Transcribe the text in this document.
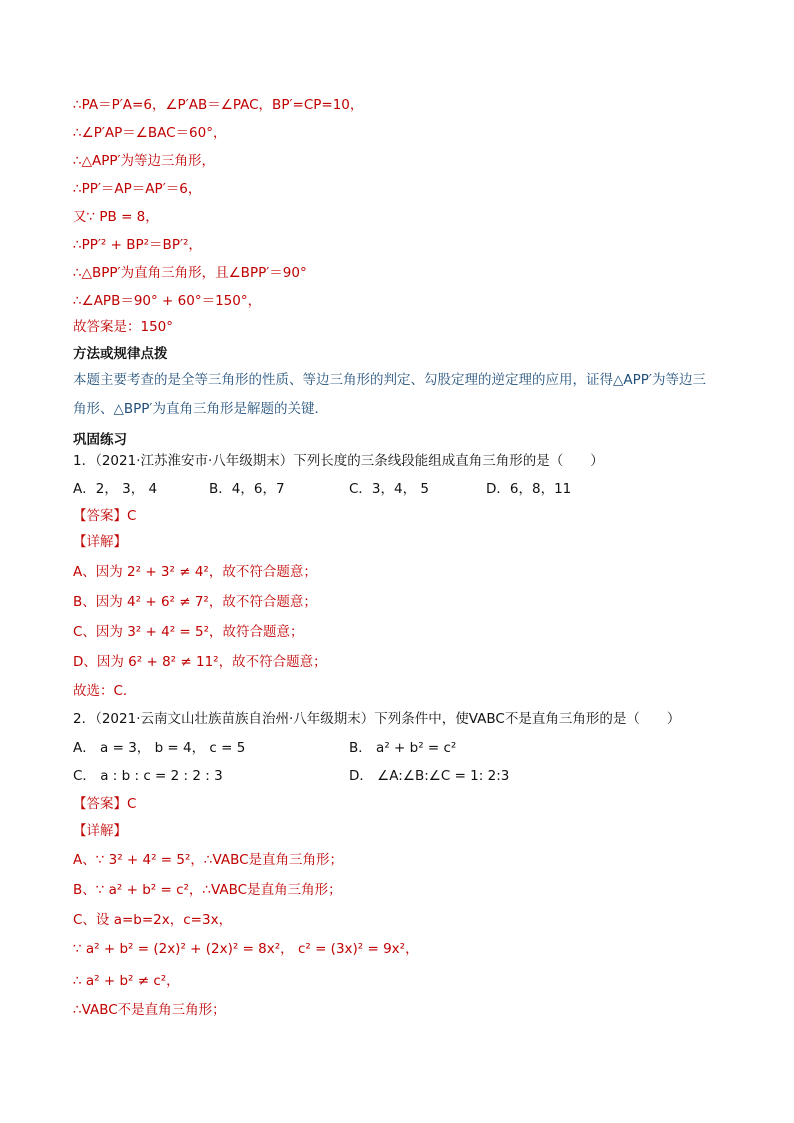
∴PA＝P′A=6，∠P′AB＝∠PAC，BP′=CP=10，
∴∠P′AP＝∠BAC＝60°，
∴△APP′为等边三角形，
∴PP′＝AP＝AP′＝6，
又∵ PB = 8，
∴PP′² + BP²＝BP′²，
∴△BPP′为直角三角形，且∠BPP′＝90°
∴∠APB＝90° + 60°＝150°，
故答案是：150°
方法或规律点拨
本题主要考查的是全等三角形的性质、等边三角形的判定、勾股定理的逆定理的应用，证得△APP′为等边三
角形、△BPP′为直角三角形是解题的关键．
巩固练习
1．（2021·江苏淮安市·八年级期末）下列长度的三条线段能组成直角三角形的是（　　）
A．2， 3， 4	B．4，6，7	C．3，4， 5	D．6，8，11
【答案】C
【详解】
A、因为 2² + 3² ≠ 4²，故不符合题意；
B、因为 4² + 6² ≠ 7²，故不符合题意；
C、因为 3² + 4² = 5²，故符合题意；
D、因为 6² + 8² ≠ 11²，故不符合题意；
故选：C．
2．（2021·云南文山壮族苗族自治州·八年级期末）下列条件中，使VABC不是直角三角形的是（　　）
A． a = 3， b = 4， c = 5	B． a² + b² = c²
C． a : b : c = 2 : 2 : 3	D． ∠A:∠B:∠C = 1: 2:3
【答案】C
【详解】
A、∵ 3² + 4² = 5²，∴VABC是直角三角形；
B、∵ a² + b² = c²，∴VABC是直角三角形；
C、设 a=b=2x，c=3x，
∵ a² + b² = (2x)² + (2x)² = 8x²， c² = (3x)² = 9x²，
∴ a² + b² ≠ c²，
∴VABC不是直角三角形；
